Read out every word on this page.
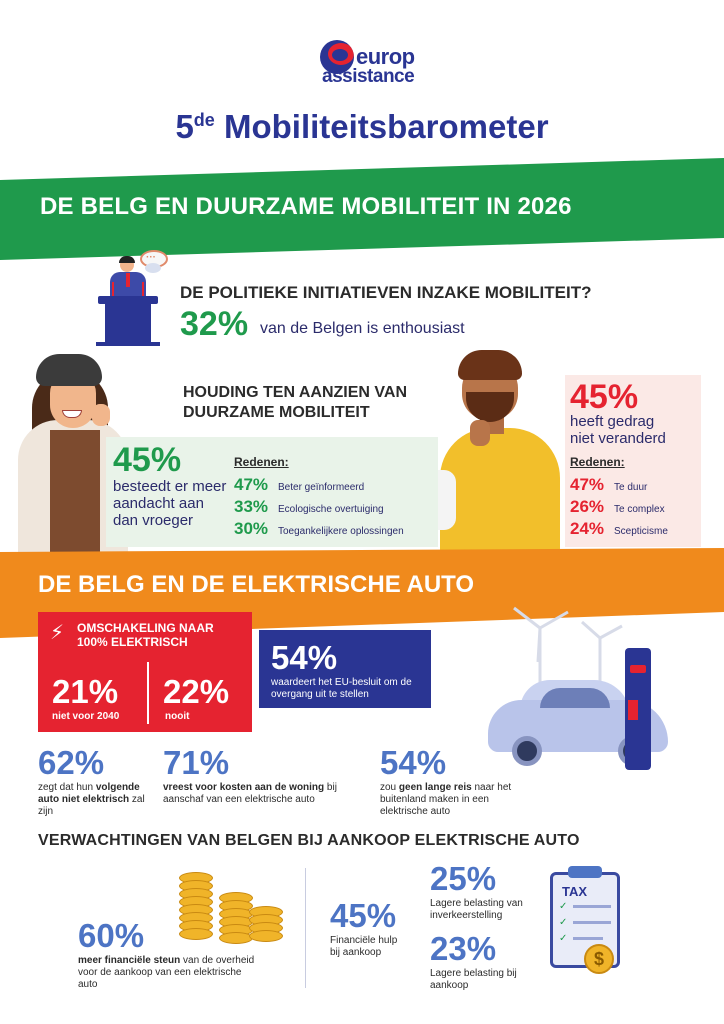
europ
assistance
5de Mobiliteitsbarometer
DE BELG EN DUURZAME MOBILITEIT IN 2026
···
DE POLITIEKE INITIATIEVEN INZAKE MOBILITEIT?
32% van de Belgen is enthousiast
HOUDING TEN AANZIEN VAN
DUURZAME MOBILITEIT
45%
besteedt er meer aandacht aan dan vroeger
Redenen:
47% Beter geïnformeerd
33% Ecologische overtuiging
30% Toegankelijkere oplossingen
45%
heeft gedrag
niet veranderd
Redenen:
47% Te duur
26% Te complex
24% Scepticisme
DE BELG EN DE ELEKTRISCHE AUTO
⚡ OMSCHAKELING NAAR 100% ELEKTRISCH
21%
niet voor 2040
22%
nooit
54%
waardeert het EU-besluit om de overgang uit te stellen
62%
zegt dat hun volgende auto niet elektrisch zal zijn
71%
vreest voor kosten aan de woning bij aanschaf van een elektrische auto
54%
zou geen lange reis naar het buitenland maken in een elektrische auto
VERWACHTINGEN VAN BELGEN BIJ AANKOOP ELEKTRISCHE AUTO
60%
meer financiële steun van de overheid voor de aankoop van een elektrische auto
45%
Financiële hulp bij aankoop
25%
Lagere belasting van inverkeerstelling
23%
Lagere belasting bij aankoop
✓
✓
✓
TAX
$
